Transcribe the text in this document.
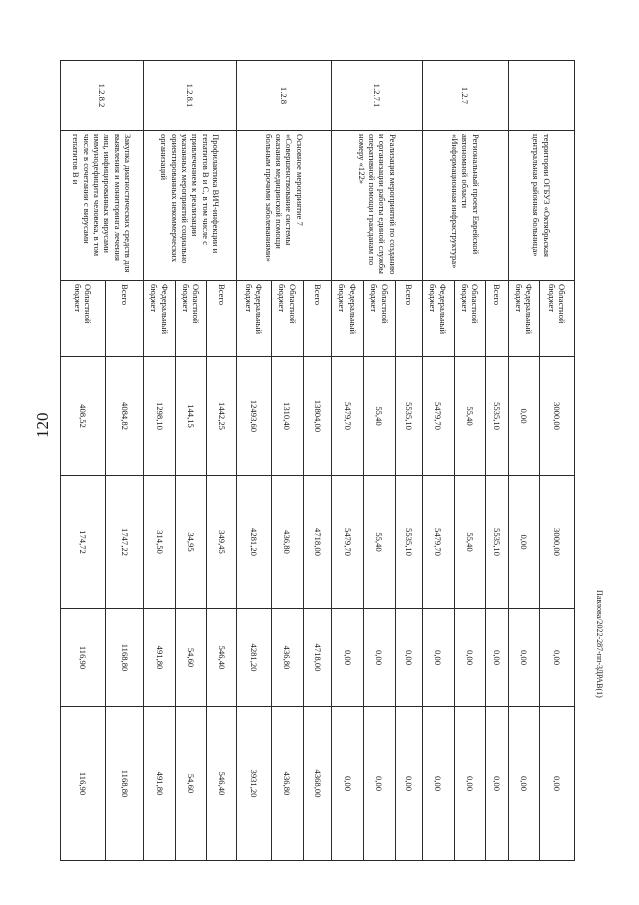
120
	территории ОГБУЗ «Октябрьская центральная районная больница»	Областной бюджет	3000,00	3000,00	0,00	0,00
		Федеральный бюджет	0,00	0,00	0,00	0,00
1.2.7	Региональный проект Еврейской автономной области «Информационная инфраструктура»	Всего	5535,10	5535,10	0,00	0,00
		Областной бюджет	55,40	55,40	0,00	0,00
		Федеральный бюджет	5479,70	5479,70	0,00	0,00
1.2.7.1	Реализация мероприятий по созданию и организации работы единой службы оперативной помощи гражданам по номеру «122»	Всего	5535,10	5535,10	0,00	0,00
		Областной бюджет	55,40	55,40	0,00	0,00
		Федеральный бюджет	5479,70	5479,70	0,00	0,00
1.2.8	Основное мероприятие 7 «Совершенствование системы оказания медицинской помощи больным прочими заболеваниями»	Всего	13804,00	4718,00	4718,00	4368,00
		Областной бюджет	1310,40	436,80	436,80	436,80
		Федеральный бюджет	12493,60	4281,20	4281,20	3931,20
1.2.8.1	Профилактика ВИЧ-инфекции и гепатитов В и С, в том числе с привлечением к реализации указанных мероприятий социально ориентированных некоммерческих организаций	Всего	1442,25	349,45	546,40	546,40
		Областной бюджет	144,15	34,95	54,60	54,60
		Федеральный бюджет	1298,10	314,50	491,80	491,80
1.2.8.2	Закупка диагностических средств для выявления и мониторинга лечения лиц, инфицированных вирусами иммунодефицита человека, в том числе в сочетании с вирусами гепатитов В и	Всего	4084,82	1747,22	1168,80	1168,80
		Областной бюджет	408,52	174,72	116,90	116,90
Павлова/2022-287-пп-ЗДРАВ(1)
